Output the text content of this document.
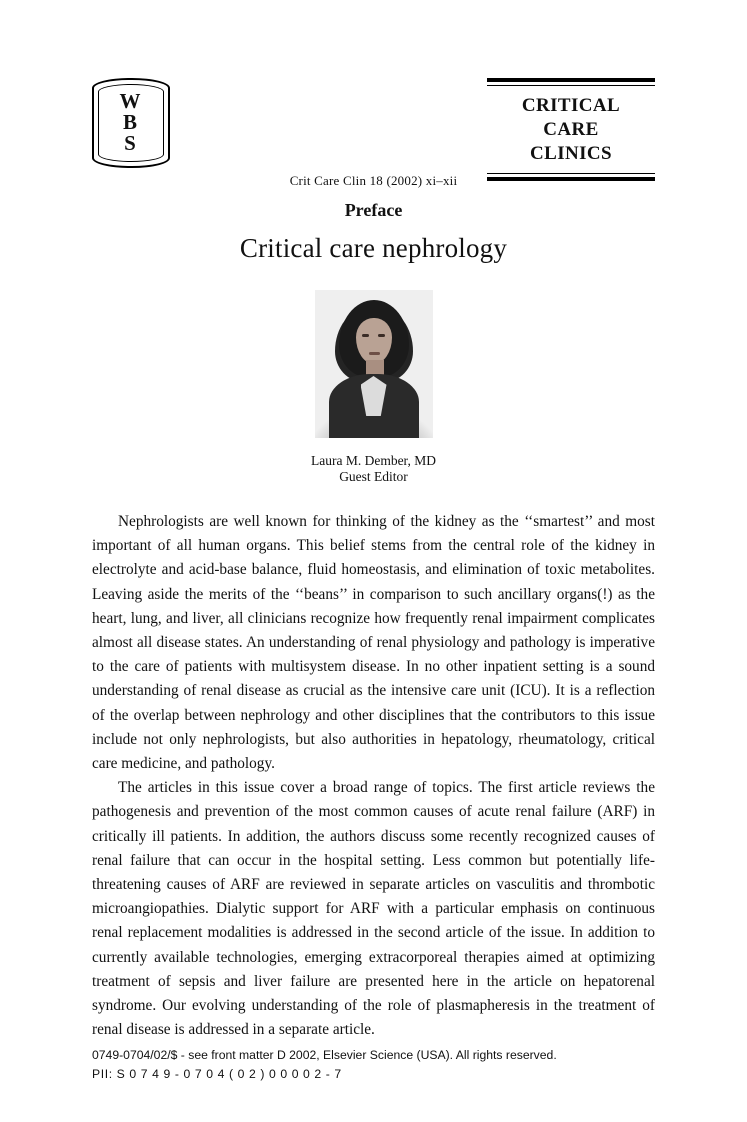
W
B
S
CRITICAL
CARE
CLINICS
Crit Care Clin 18 (2002) xi–xii
Preface
Critical care nephrology
Laura M. Dember, MD
Guest Editor

Nephrologists are well known for thinking of the kidney as the ‘‘smartest’’ and most important of all human organs. This belief stems from the central role of the kidney in electrolyte and acid-base balance, fluid homeostasis, and elimination of toxic metabolites. Leaving aside the merits of the ‘‘beans’’ in comparison to such ancillary organs(!) as the heart, lung, and liver, all clinicians recognize how frequently renal impairment complicates almost all disease states. An understanding of renal physiology and pathology is imperative to the care of patients with multisystem disease. In no other inpatient setting is a sound understanding of renal disease as crucial as the intensive care unit (ICU). It is a reflection of the overlap between nephrology and other disciplines that the contributors to this issue include not only nephrologists, but also authorities in hepatology, rheumatology, critical care medicine, and pathology.

The articles in this issue cover a broad range of topics. The first article reviews the pathogenesis and prevention of the most common causes of acute renal failure (ARF) in critically ill patients. In addition, the authors discuss some recently recognized causes of renal failure that can occur in the hospital setting. Less common but potentially life-threatening causes of ARF are reviewed in separate articles on vasculitis and thrombotic microangiopathies. Dialytic support for ARF with a particular emphasis on continuous renal replacement modalities is addressed in the second article of the issue. In addition to currently available technologies, emerging extracorporeal therapies aimed at optimizing treatment of sepsis and liver failure are presented here in the article on hepatorenal syndrome. Our evolving understanding of the role of plasmapheresis in the treatment of renal disease is addressed in a separate article.

0749-0704/02/$ - see front matter D 2002, Elsevier Science (USA). All rights reserved.
PII: S 0 7 4 9 - 0 7 0 4 ( 0 2 ) 0 0 0 0 2 - 7
